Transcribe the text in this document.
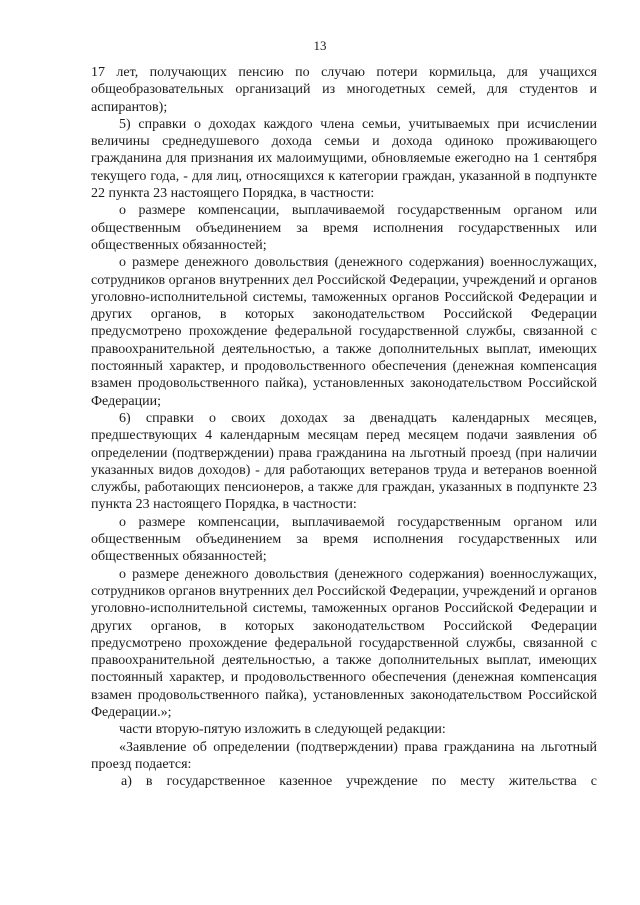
13

17 лет, получающих пенсию по случаю потери кормильца, для учащихся общеобразовательных организаций из многодетных семей, для студентов и аспирантов);

5) справки о доходах каждого члена семьи, учитываемых при исчислении величины среднедушевого дохода семьи и дохода одиноко проживающего гражданина для признания их малоимущими, обновляемые ежегодно на 1 сентября текущего года, - для лиц, относящихся к категории граждан, указанной в подпункте 22 пункта 23 настоящего Порядка, в частности:

о размере компенсации, выплачиваемой государственным органом или общественным объединением за время исполнения государственных или общественных обязанностей;

о размере денежного довольствия (денежного содержания) военнослужащих, сотрудников органов внутренних дел Российской Федерации, учреждений и органов уголовно-исполнительной системы, таможенных органов Российской Федерации и других органов, в которых законодательством Российской Федерации предусмотрено прохождение федеральной государственной службы, связанной с правоохранительной деятельностью, а также дополнительных выплат, имеющих постоянный характер, и продовольственного обеспечения (денежная компенсация взамен продовольственного пайка), установленных законодательством Российской Федерации;

6) справки о своих доходах за двенадцать календарных месяцев, предшествующих 4 календарным месяцам перед месяцем подачи заявления об определении (подтверждении) права гражданина на льготный проезд (при наличии указанных видов доходов) - для работающих ветеранов труда и ветеранов военной службы, работающих пенсионеров, а также для граждан, указанных в подпункте 23 пункта 23 настоящего Порядка, в частности:

о размере компенсации, выплачиваемой государственным органом или общественным объединением за время исполнения государственных или общественных обязанностей;

о размере денежного довольствия (денежного содержания) военнослужащих, сотрудников органов внутренних дел Российской Федерации, учреждений и органов уголовно-исполнительной системы, таможенных органов Российской Федерации и других органов, в которых законодательством Российской Федерации предусмотрено прохождение федеральной государственной службы, связанной с правоохранительной деятельностью, а также дополнительных выплат, имеющих постоянный характер, и продовольственного обеспечения (денежная компенсация взамен продовольственного пайка), установленных законодательством Российской Федерации.»;

части вторую-пятую изложить в следующей редакции:

«Заявление об определении (подтверждении) права гражданина на льготный проезд подается:

а) в государственное казенное учреждение по месту жительства с
